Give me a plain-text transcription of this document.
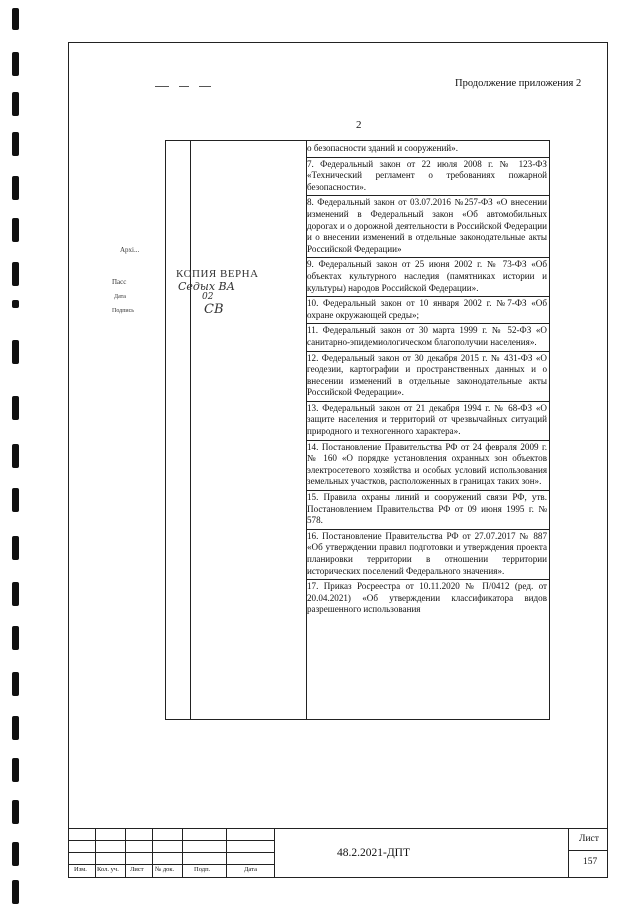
Продолжение приложения 2
2
о безопасности зданий и сооружений».
7. Федеральный закон от 22 июля 2008 г. № 123-ФЗ «Технический регламент о требованиях пожарной безопасности».
8. Федеральный закон от 03.07.2016 №257-ФЗ «О внесении изменений в Федеральный закон «Об автомобильных дорогах и о дорожной деятельности в Российской Федерации и о внесении изменений в отдельные законодательные акты Российской Федерации»
9. Федеральный закон от 25 июня 2002 г. № 73-ФЗ «Об объектах культурного наследия (памятниках истории и культуры) народов Российской Федерации».
10. Федеральный закон от 10 января 2002 г. №7-ФЗ «Об охране окружающей среды»;
11. Федеральный закон от 30 марта 1999 г. № 52-ФЗ «О санитарно-эпидемиологическом благополучии населения».
12. Федеральный закон от 30 декабря 2015 г. № 431-ФЗ «О геодезии, картографии и пространственных данных и о внесении изменений в отдельные законодательные акты Российской Федерации».
13. Федеральный закон от 21 декабря 1994 г. № 68-ФЗ «О защите населения и территорий от чрезвычайных ситуаций природного и техногенного характера».
14. Постановление Правительства РФ от 24 февраля 2009 г. № 160 «О порядке установления охранных зон объектов электросетевого хозяйства и особых условий использования земельных участков, расположенных в границах таких зон».
15. Правила охраны линий и сооружений связи РФ, утв. Постановлением Правительства РФ от 09 июня 1995 г. № 578.
16. Постановление Правительства РФ от 27.07.2017 № 887 «Об утверждении правил подготовки и утверждения проекта планировки территории в отношении территории исторических поселений Федерального значения».
17. Приказ Росреестра от 10.11.2020 № П/0412 (ред. от 20.04.2021) «Об утверждении классификатора видов разрешенного использования
Архі...
КОПИЯ ВЕРНА
Седых ВА
02
СВ
Пасс
Дата
Подпись
Изм. Кол. уч. Лист № док.	Подп.	Дата
48.2.2021-ДПТ
Лист
157
